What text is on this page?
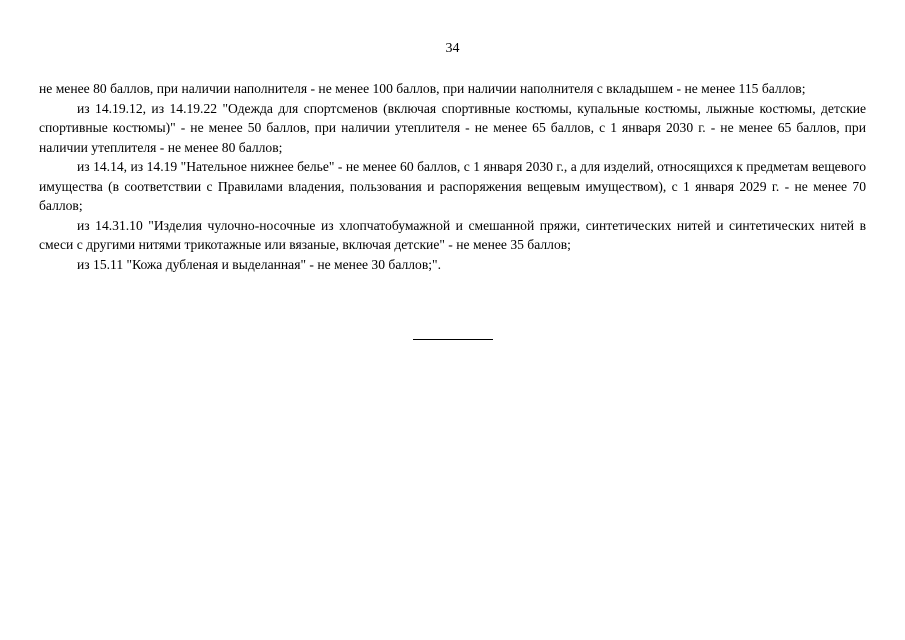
34

не менее 80 баллов, при наличии наполнителя - не менее 100 баллов, при наличии наполнителя с вкладышем - не менее 115 баллов;

из 14.19.12, из 14.19.22 "Одежда для спортсменов (включая спортивные костюмы, купальные костюмы, лыжные костюмы, детские спортивные костюмы)" - не менее 50 баллов, при наличии утеплителя - не менее 65 баллов, с 1 января 2030 г. - не менее 65 баллов, при наличии утеплителя - не менее 80 баллов;

из 14.14, из 14.19 "Нательное нижнее белье" - не менее 60 баллов, с 1 января 2030 г., а для изделий, относящихся к предметам вещевого имущества (в соответствии с Правилами владения, пользования и распоряжения вещевым имуществом), с 1 января 2029 г. - не менее 70 баллов;

из 14.31.10 "Изделия чулочно-носочные из хлопчатобумажной и смешанной пряжи, синтетических нитей и синтетических нитей в смеси с другими нитями трикотажные или вязаные, включая детские" - не менее 35 баллов;

из 15.11 "Кожа дубленая и выделанная" - не менее 30 баллов;".
